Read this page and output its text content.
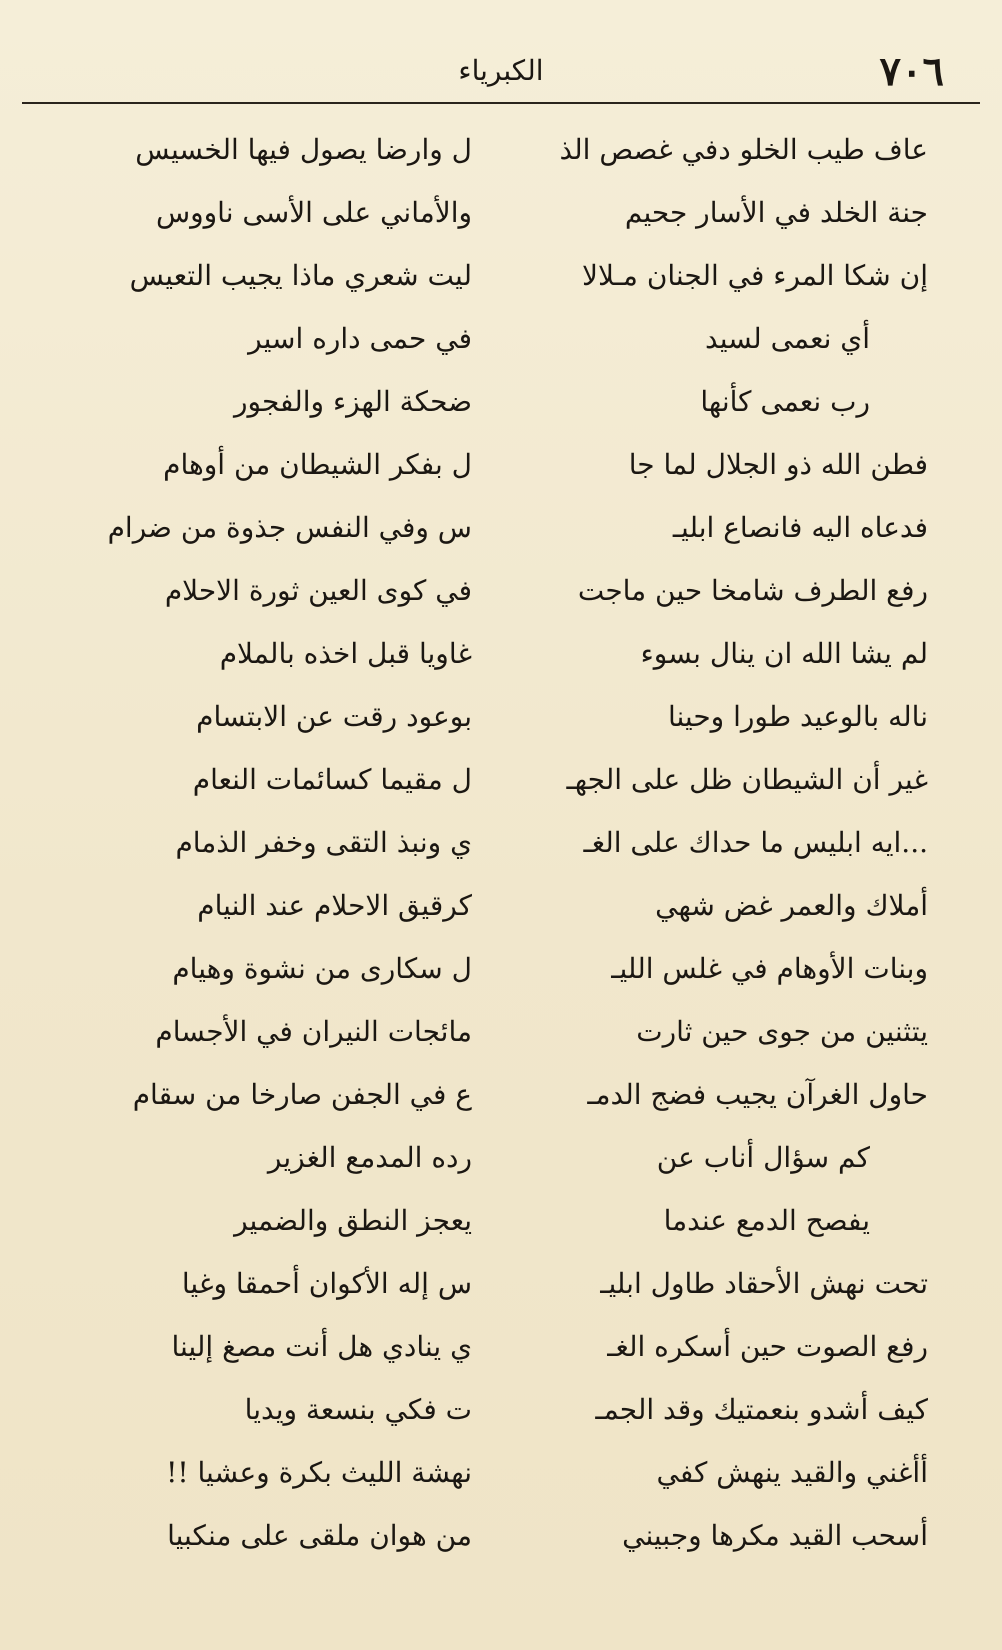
٧٠٦
الكبرياء
عاف طيب الخلو دفي غصص الذ
جنة الخلد في الأسار جحيم
إن شكا المرء في الجنان مـلالا
أي نعمى لسيد
رب نعمى كأنها
فطن الله ذو الجلال لما جا
فدعاه اليه فانصاع ابليـ
رفع الطرف شامخا حين ماجت
لم يشا الله ان ينال بسوء
ناله بالوعيد طورا وحينا
غير أن الشيطان ظل على الجهـ
...ايه ابليس ما حداك على الغـ
أملاك والعمر غض شهي
وبنات الأوهام في غلس الليـ
يتثنين من جوى حين ثارت
حاول الغرآن يجيب فضج الدمـ
كم سؤال أناب عن
يفصح الدمع عندما
تحت نهش الأحقاد طاول ابليـ
رفع الصوت حين أسكره الغـ
كيف أشدو بنعمتيك وقد الجمـ
أأغني والقيد ينهش كفي
أسحب القيد مكرها وجبيني
ل وارضا يصول فيها الخسيس
والأماني على الأسى ناووس
ليت شعري ماذا يجيب التعيس
في حمى داره اسير
ضحكة الهزء والفجور
ل بفكر الشيطان من أوهام
س وفي النفس جذوة من ضرام
في كوى العين ثورة الاحلام
غاويا قبل اخذه بالملام
بوعود رقت عن الابتسام
ل مقيما كسائمات النعام
ي ونبذ التقى وخفر الذمام
كرقيق الاحلام عند النيام
ل سكارى من نشوة وهيام
مائجات النيران في الأجسام
ع في الجفن صارخا من سقام
رده المدمع الغزير
يعجز النطق والضمير
س إله الأكوان أحمقا وغيا
ي ينادي هل أنت مصغ إلينا
ت فكي بنسعة ويديا
نهشة الليث بكرة وعشيا !!
من هوان ملقى على منكبيا
